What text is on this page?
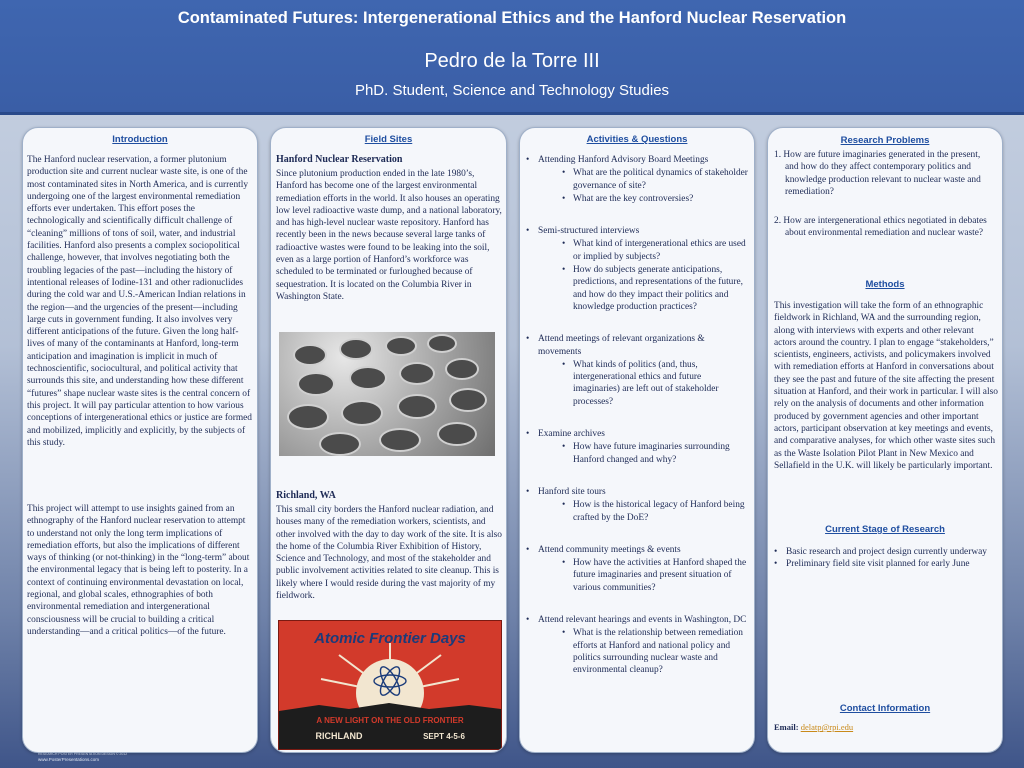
Contaminated Futures: Intergenerational Ethics and the Hanford Nuclear Reservation
Pedro de la Torre III
PhD. Student, Science and Technology Studies
Introduction
The Hanford nuclear reservation, a former plutonium production site and current nuclear waste site, is one of the most contaminated sites in North America, and is currently undergoing one of the largest environmental remediation efforts ever undertaken. This effort poses the technologically and scientifically difficult challenge of “cleaning” millions of tons of soil, water, and industrial facilities. Hanford also presents a complex sociopolitical challenge, however, that involves negotiating both the troubling legacies of the past—including the history of intentional releases of Iodine-131 and other radionuclides during the cold war and U.S.-American Indian relations in the region—and the urgencies of the present—including large cuts in government funding. It also involves very different anticipations of the future. Given the long half-lives of many of the contaminants at Hanford, long-term anticipation and imagination is implicit in much of technoscientific, sociocultural, and political activity that surrounds this site, and understanding how these different “futures” shape nuclear waste sites is the central concern of this project. It will pay particular attention to how various conceptions of intergenerational ethics or justice are formed and mobilized, implicitly and explicitly, by the subjects of this study.
This project will attempt to use insights gained from an ethnography of the Hanford nuclear reservation to attempt to understand not only the long term implications of remediation efforts, but also the implications of different ways of thinking (or not-thinking) in the “long-term” about the environmental legacy that is being left to posterity. In a context of continuing environmental devastation on local, regional, and global scales, ethnographies of both environmental remediation and intergenerational consciousness will be crucial to building a critical understanding—and a critical politics—of the future.
Field Sites
Hanford Nuclear Reservation
Since plutonium production ended in the late 1980’s, Hanford has become one of the largest environmental remediation efforts in the world. It also houses an operating low level radioactive waste dump, and a national laboratory, and has high-level nuclear waste repository. Hanford has recently been in the news because several large tanks of radioactive wastes were found to be leaking into the soil, even as a large portion of Hanford’s workforce was scheduled to be terminated or furloughed because of sequestration. It is located on the Columbia River in Washington State.
Richland, WA
This small city borders the Hanford nuclear radiation, and houses many of the remediation workers, scientists, and other involved with the day to day work of the site. It is also the home of the Columbia River Exhibition of History, Science and Technology, and most of the stakeholder and public involvement activities related to site cleanup. This is likely where I would reside during the vast majority of my fieldwork.
Atomic Frontier Days
A NEW LIGHT ON THE OLD FRONTIER
RICHLAND	SEPT 4-5-6
Activities & Questions
• Attending Hanford Advisory Board Meetings
• What are the political dynamics of stakeholder governance of site?
• What are the key controversies?
• Semi-structured interviews
• What kind of intergenerational ethics are used or implied by subjects?
• How do subjects generate anticipations, predictions, and representations of the future, and how do they impact their politics and knowledge production practices?
• Attend meetings of relevant organizations & movements
• What kinds of politics (and, thus, intergenerational ethics and future imaginaries) are left out of stakeholder processes?
• Examine archives
• How have future imaginaries surrounding Hanford changed and why?
• Hanford site tours
• How is the historical legacy of Hanford being crafted by the DoE?
• Attend community meetings & events
• How have the activities at Hanford shaped the future imaginaries and present situation of various communities?
• Attend relevant hearings and events in Washington, DC
• What is the relationship between remediation efforts at Hanford and national policy and politics surrounding nuclear waste and environmental cleanup?
Research Problems
1. How are future imaginaries generated in the present, and how do they affect contemporary politics and knowledge production relevant to nuclear waste and remediation?
2. How are intergenerational ethics negotiated in debates about environmental remediation and nuclear waste?
Methods
This investigation will take the form of an ethnographic fieldwork in Richland, WA and the surrounding region, along with interviews with experts and other relevant actors around the country. I plan to engage “stakeholders,” scientists, engineers, activists, and policymakers involved with remediation efforts at Hanford in conversations about they see the past and future of the site affecting the present situation at Hanford, and their work in particular. I will also rely on the analysis of documents and other information produced by government agencies and other important actors, participant observation at key meetings and events, and comparative analyses, for which other waste sites such as the Waste Isolation Pilot Plant in New Mexico and Sellafield in the U.K. will likely be particularly important.
Current Stage of Research
• Basic research and project design currently underway
• Preliminary field site visit planned for early June
Contact Information
Email: delatp@rpi.edu
RESEARCH POSTER PRESENTATION DESIGN © 2012
www.PosterPresentations.com
